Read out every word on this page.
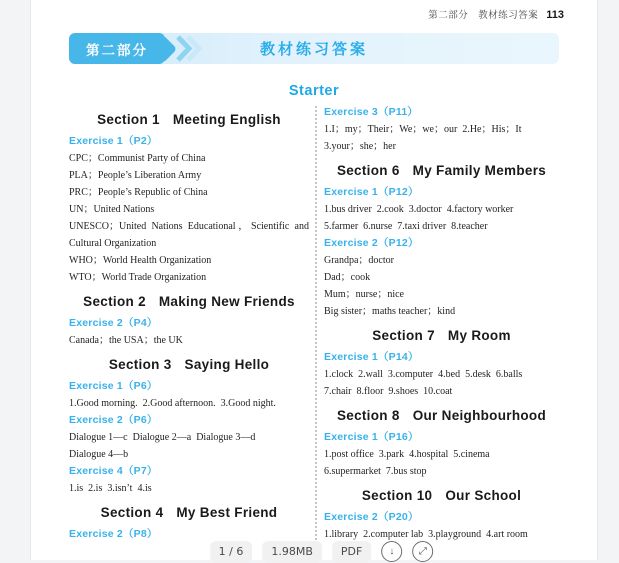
第二部分　教材练习答案 113
教材练习答案
第二部分
Starter
Section 1 Meeting English
Exercise 1（P2）
CPC；Communist Party of China
PLA；People’s Liberation Army
PRC；People’s Republic of China
UN；United Nations
UNESCO；United Nations Educational，Scientific and Cultural Organization
WHO；World Health Organization
WTO；World Trade Organization
Section 2 Making New Friends
Exercise 2（P4）
Canada；the USA；the UK
Section 3 Saying Hello
Exercise 1（P6）
1.Good morning.  2.Good afternoon.  3.Good night.
Exercise 2（P6）
Dialogue 1—c  Dialogue 2—a  Dialogue 3—d
Dialogue 4—b
Exercise 4（P7）
1.is  2.is  3.isn’t  4.is
Section 4 My Best Friend
Exercise 2（P8）
Exercise 3（P11）
1.I；my；Their；We；we；our  2.He；His；It
3.your；she；her
Section 6 My Family Members
Exercise 1（P12）
1.bus driver  2.cook  3.doctor  4.factory worker
5.farmer  6.nurse  7.taxi driver  8.teacher
Exercise 2（P12）
Grandpa；doctor
Dad；cook
Mum；nurse；nice
Big sister；maths teacher；kind
Section 7 My Room
Exercise 1（P14）
1.clock  2.wall  3.computer  4.bed  5.desk  6.balls
7.chair  8.floor  9.shoes  10.coat
Section 8 Our Neighbourhood
Exercise 1（P16）
1.post office  3.park  4.hospital  5.cinema
6.supermarket  7.bus stop
Section 10 Our School
Exercise 2（P20）
1.library  2.computer lab  3.playground  4.art room
1 / 6	1.98MB	PDF	↓ ⤢
